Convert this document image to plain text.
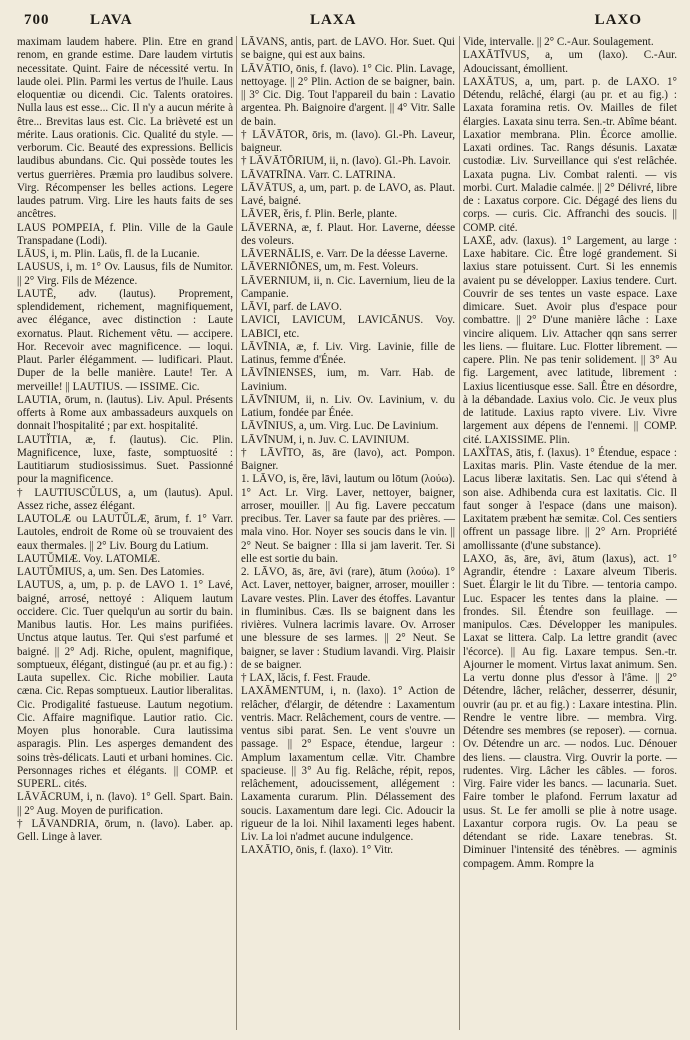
700	LAVA	LAXA	LAXO

maximam laudem habere. Plin. Etre en grand renom, en grande estime. Dare laudem virtutis necessitate. Quint. Faire de nécessité vertu. In laude olei. Plin. Parmi les vertus de l'huile. Laus eloquentiæ ou dicendi. Cic. Talents oratoires. Nulla laus est esse... Cic. Il n'y a aucun mérite à être... Brevitas laus est. Cic. La brièveté est un mérite. Laus orationis. Cic. Qualité du style. — verborum. Cic. Beauté des expressions. Bellicis laudibus abundans. Cic. Qui possède toutes les vertus guerrières. Præmia pro laudibus solvere. Virg. Récompenser les belles actions. Legere laudes patrum. Virg. Lire les hauts faits de ses ancêtres.

LAUS POMPEIA, f. Plin. Ville de la Gaule Transpadane (Lodi).

LĀUS, i, m. Plin. Laüs, fl. de la Lucanie.

LAUSUS, i, m. 1° Ov. Lausus, fils de Numitor. || 2° Virg. Fils de Mézence.

LAUTĒ, adv. (lautus). Proprement, splendidement, richement, magnifiquement, avec élégance, avec distinction : Laute exornatus. Plaut. Richement vêtu. — accipere. Hor. Recevoir avec magnificence. — loqui. Plaut. Parler élégamment. — ludificari. Plaut. Duper de la belle manière. Laute! Ter. A merveille! || LAUTIUS. — ISSIME. Cic.

LAUTIA, ōrum, n. (lautus). Liv. Apul. Présents offerts à Rome aux ambassadeurs auxquels on donnait l'hospitalité ; par ext. hospitalité.

LAUTĬTIA, æ, f. (lautus). Cic. Plin. Magnificence, luxe, faste, somptuosité : Lautitiarum studiosissimus. Suet. Passionné pour la magnificence.

† LAUTIUSCŬLUS, a, um (lautus). Apul. Assez riche, assez élégant.

LAUTOLÆ ou LAUTŬLÆ, ārum, f. 1° Varr. Lautoles, endroit de Rome où se trouvaient des eaux thermales. || 2° Liv. Bourg du Latium.

LAUTŬMIÆ. Voy. LATOMIÆ.

LAUTŬMIUS, a, um. Sen. Des Latomies.

LAUTUS, a, um, p. p. de LAVO 1. 1° Lavé, baigné, arrosé, nettoyé : Aliquem lautum occidere. Cic. Tuer quelqu'un au sortir du bain. Manibus lautis. Hor. Les mains purifiées. Unctus atque lautus. Ter. Qui s'est parfumé et baigné. || 2° Adj. Riche, opulent, magnifique, somptueux, élégant, distingué (au pr. et au fig.) : Lauta supellex. Cic. Riche mobilier. Lauta cæna. Cic. Repas somptueux. Lautior liberalitas. Cic. Prodigalité fastueuse. Lautum negotium. Cic. Affaire magnifique. Lautior ratio. Cic. Moyen plus honorable. Cura lautissima asparagis. Plin. Les asperges demandent des soins très-délicats. Lauti et urbani homines. Cic. Personnages riches et élégants. || COMP. et SUPERL. cités.

LĀVĀCRUM, i, n. (lavo). 1° Gell. Spart. Bain. || 2° Aug. Moyen de purification.

† LĀVANDRIA, ōrum, n. (lavo). Laber. ap. Gell. Linge à laver.

LĀVANS, antis, part. de LAVO. Hor. Suet. Qui se baigne, qui est aux bains.

LĀVĀTIO, ōnis, f. (lavo). 1° Cic. Plin. Lavage, nettoyage. || 2° Plin. Action de se baigner, bain. || 3° Cic. Dig. Tout l'appareil du bain : Lavatio argentea. Ph. Baignoire d'argent. || 4° Vitr. Salle de bain.

† LĀVĀTOR, ōris, m. (lavo). Gl.-Ph. Laveur, baigneur.

† LĀVĀTŌRIUM, ii, n. (lavo). Gl.-Ph. Lavoir.

LĀVATRĪNA. Varr. C. LATRINA.

LĀVĀTUS, a, um, part. p. de LAVO, as. Plaut. Lavé, baigné.

LĀVER, ĕris, f. Plin. Berle, plante.

LĀVERNA, æ, f. Plaut. Hor. Laverne, déesse des voleurs.

LĀVERNĀLIS, e. Varr. De la déesse Laverne.

LĀVERNIŌNES, um, m. Fest. Voleurs.

LĀVERNIUM, ii, n. Cic. Lavernium, lieu de la Campanie.

LĀVI, parf. de LAVO.

LAVICI, LAVICUM, LAVICĀNUS. Voy. LABICI, etc.

LĀVĪNIA, æ, f. Liv. Virg. Lavinie, fille de Latinus, femme d'Énée.

LĀVĪNIENSES, ium, m. Varr. Hab. de Lavinium.

LĀVĪNIUM, ii, n. Liv. Ov. Lavinium, v. du Latium, fondée par Énée.

LĀVĪNIUS, a, um. Virg. Luc. De Lavinium.

LĀVĪNUM, i, n. Juv. C. LAVINIUM.

† LĀVĪTO, ās, āre (lavo), act. Pompon. Baigner.

1. LĀVO, is, ĕre, lāvi, lautum ou lōtum (λούω). 1° Act. Lr. Virg. Laver, nettoyer, baigner, arroser, mouiller. || Au fig. Lavere peccatum precibus. Ter. Laver sa faute par des prières. — mala vino. Hor. Noyer ses soucis dans le vin. || 2° Neut. Se baigner : Illa si jam laverit. Ter. Si elle est sortie du bain.

2. LĀVO, ās, āre, āvi (rare), ātum (λούω). 1° Act. Laver, nettoyer, baigner, arroser, mouiller : Lavare vestes. Plin. Laver des étoffes. Lavantur in fluminibus. Cæs. Ils se baignent dans les rivières. Vulnera lacrimis lavare. Ov. Arroser une blessure de ses larmes. || 2° Neut. Se baigner, se laver : Studium lavandi. Virg. Plaisir de se baigner.

† LAX, lăcis, f. Fest. Fraude.

LAXĀMENTUM, i, n. (laxo). 1° Action de relâcher, d'élargir, de détendre : Laxamentum ventris. Macr. Relâchement, cours de ventre. — ventus sibi parat. Sen. Le vent s'ouvre un passage. || 2° Espace, étendue, largeur : Amplum laxamentum cellæ. Vitr. Chambre spacieuse. || 3° Au fig. Relâche, répit, repos, relâchement, adoucissement, allégement : Laxamenta curarum. Plin. Délassement des soucis. Laxamentum dare legi. Cic. Adoucir la rigueur de la loi. Nihil laxamenti leges habent. Liv. La loi n'admet aucune indulgence.

LAXĀTIO, ōnis, f. (laxo). 1° Vitr.

Vide, intervalle. || 2° C.-Aur. Soulagement.

LAXĀTĪVUS, a, um (laxo). C.-Aur. Adoucissant, émollient.

LAXĀTUS, a, um, part. p. de LAXO. 1° Détendu, relâché, élargi (au pr. et au fig.) : Laxata foramina retis. Ov. Mailles de filet élargies. Laxata sinu terra. Sen.-tr. Abîme béant. Laxatior membrana. Plin. Écorce amollie. Laxati ordines. Tac. Rangs désunis. Laxatæ custodiæ. Liv. Surveillance qui s'est relâchée. Laxata pugna. Liv. Combat ralenti. — vis morbi. Curt. Maladie calmée. || 2° Délivré, libre de : Laxatus corpore. Cic. Dégagé des liens du corps. — curis. Cic. Affranchi des soucis. || COMP. cité.

LAXĒ, adv. (laxus). 1° Largement, au large : Laxe habitare. Cic. Être logé grandement. Si laxius stare potuissent. Curt. Si les ennemis avaient pu se développer. Laxius tendere. Curt. Couvrir de ses tentes un vaste espace. Laxe dimicare. Suet. Avoir plus d'espace pour combattre. || 2° D'une manière lâche : Laxe vincire aliquem. Liv. Attacher qqn sans serrer les liens. — fluitare. Luc. Flotter librement. — capere. Plin. Ne pas tenir solidement. || 3° Au fig. Largement, avec latitude, librement : Laxius licentiusque esse. Sall. Être en désordre, à la débandade. Laxius volo. Cic. Je veux plus de latitude. Laxius rapto vivere. Liv. Vivre largement aux dépens de l'ennemi. || COMP. cité. LAXISSIME. Plin.

LAXĬTAS, ātis, f. (laxus). 1° Étendue, espace : Laxitas maris. Plin. Vaste étendue de la mer. Lacus liberæ laxitatis. Sen. Lac qui s'étend à son aise. Adhibenda cura est laxitatis. Cic. Il faut songer à l'espace (dans une maison). Laxitatem præbent hæ semitæ. Col. Ces sentiers offrent un passage libre. || 2° Arn. Propriété amollissante (d'une substance).

LAXO, ās, āre, āvi, ātum (laxus), act. 1° Agrandir, étendre : Laxare alveum Tiberis. Suet. Élargir le lit du Tibre. — tentoria campo. Luc. Espacer les tentes dans la plaine. — frondes. Sil. Étendre son feuillage. — manipulos. Cæs. Développer les manipules. Laxat se littera. Calp. La lettre grandit (avec l'écorce). || Au fig. Laxare tempus. Sen.-tr. Ajourner le moment. Virtus laxat animum. Sen. La vertu donne plus d'essor à l'âme. || 2° Détendre, lâcher, relâcher, desserrer, désunir, ouvrir (au pr. et au fig.) : Laxare intestina. Plin. Rendre le ventre libre. — membra. Virg. Détendre ses membres (se reposer). — cornua. Ov. Détendre un arc. — nodos. Luc. Dénouer des liens. — claustra. Virg. Ouvrir la porte. — rudentes. Virg. Lâcher les câbles. — foros. Virg. Faire vider les bancs. — lacunaria. Suet. Faire tomber le plafond. Ferrum laxatur ad usus. St. Le fer amolli se plie à notre usage. Laxantur corpora rugis. Ov. La peau se détendant se ride. Laxare tenebras. St. Diminuer l'intensité des ténèbres. — agminis compagem. Amm. Rompre la
